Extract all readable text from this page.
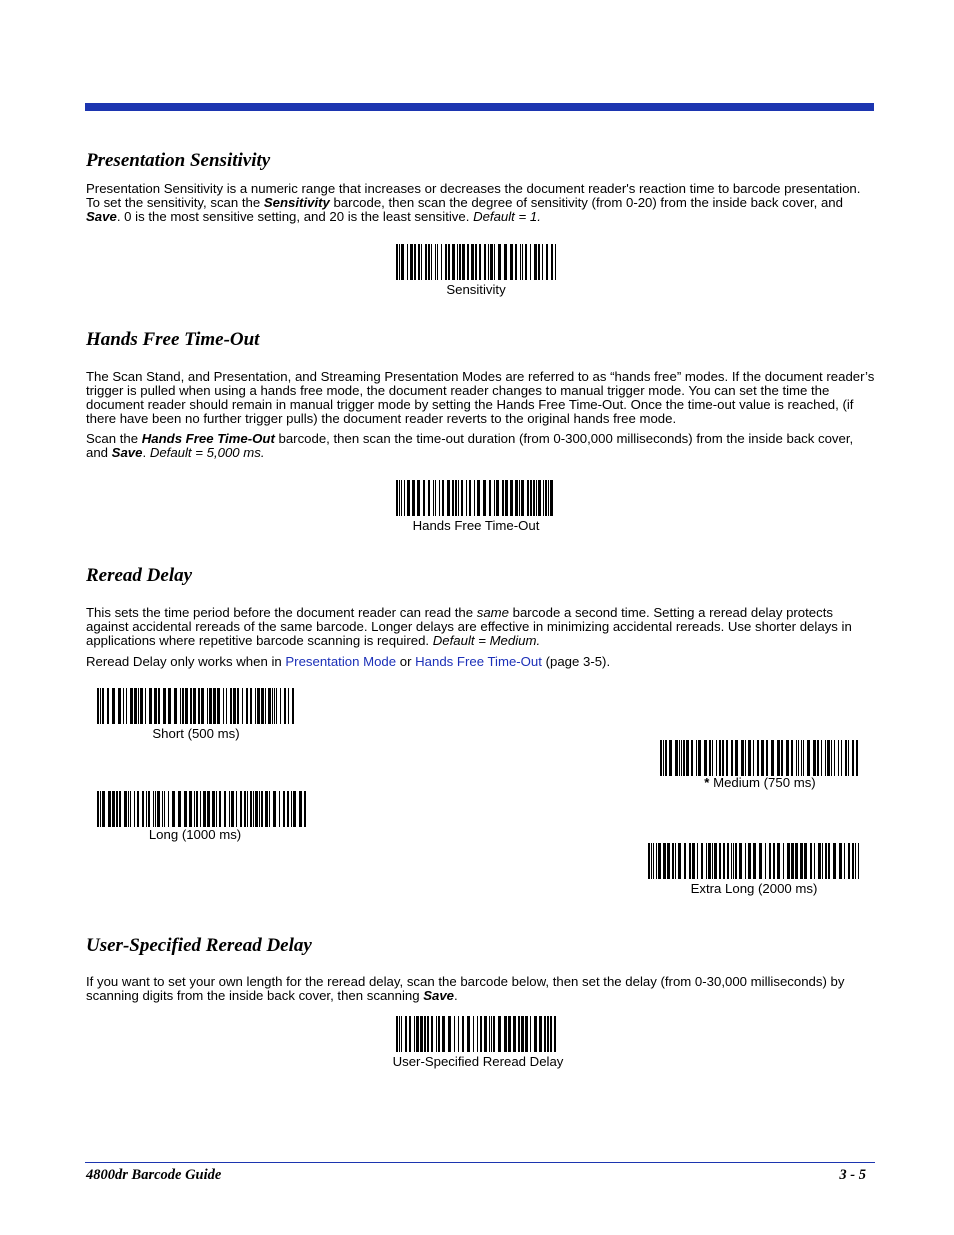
Presentation Sensitivity

Presentation Sensitivity is a numeric range that increases or decreases the document reader's reaction time to barcode presentation. To set the sensitivity, scan the Sensitivity barcode, then scan the degree of sensitivity (from 0-20) from the inside back cover, and Save. 0 is the most sensitive setting, and 20 is the least sensitive. Default = 1.

Sensitivity
Hands Free Time-Out

The Scan Stand, and Presentation, and Streaming Presentation Modes are referred to as “hands free” modes. If the document reader’s trigger is pulled when using a hands free mode, the document reader changes to manual trigger mode. You can set the time the document reader should remain in manual trigger mode by setting the Hands Free Time-Out. Once the time-out value is reached, (if there have been no further trigger pulls) the document reader reverts to the original hands free mode.

Scan the Hands Free Time-Out barcode, then scan the time-out duration (from 0-300,000 milliseconds) from the inside back cover, and Save. Default = 5,000 ms.

Hands Free Time-Out
Reread Delay

This sets the time period before the document reader can read the same barcode a second time. Setting a reread delay protects against accidental rereads of the same barcode. Longer delays are effective in minimizing accidental rereads. Use shorter delays in applications where repetitive barcode scanning is required. Default = Medium.

Reread Delay only works when in Presentation Mode or Hands Free Time-Out (page 3-5).

Short (500 ms)
* Medium (750 ms)
Long (1000 ms)
Extra Long (2000 ms)
User-Specified Reread Delay

If you want to set your own length for the reread delay, scan the barcode below, then set the delay (from 0-30,000 milliseconds) by scanning digits from the inside back cover, then scanning Save.

User-Specified Reread Delay
4800dr Barcode Guide	3 - 5
